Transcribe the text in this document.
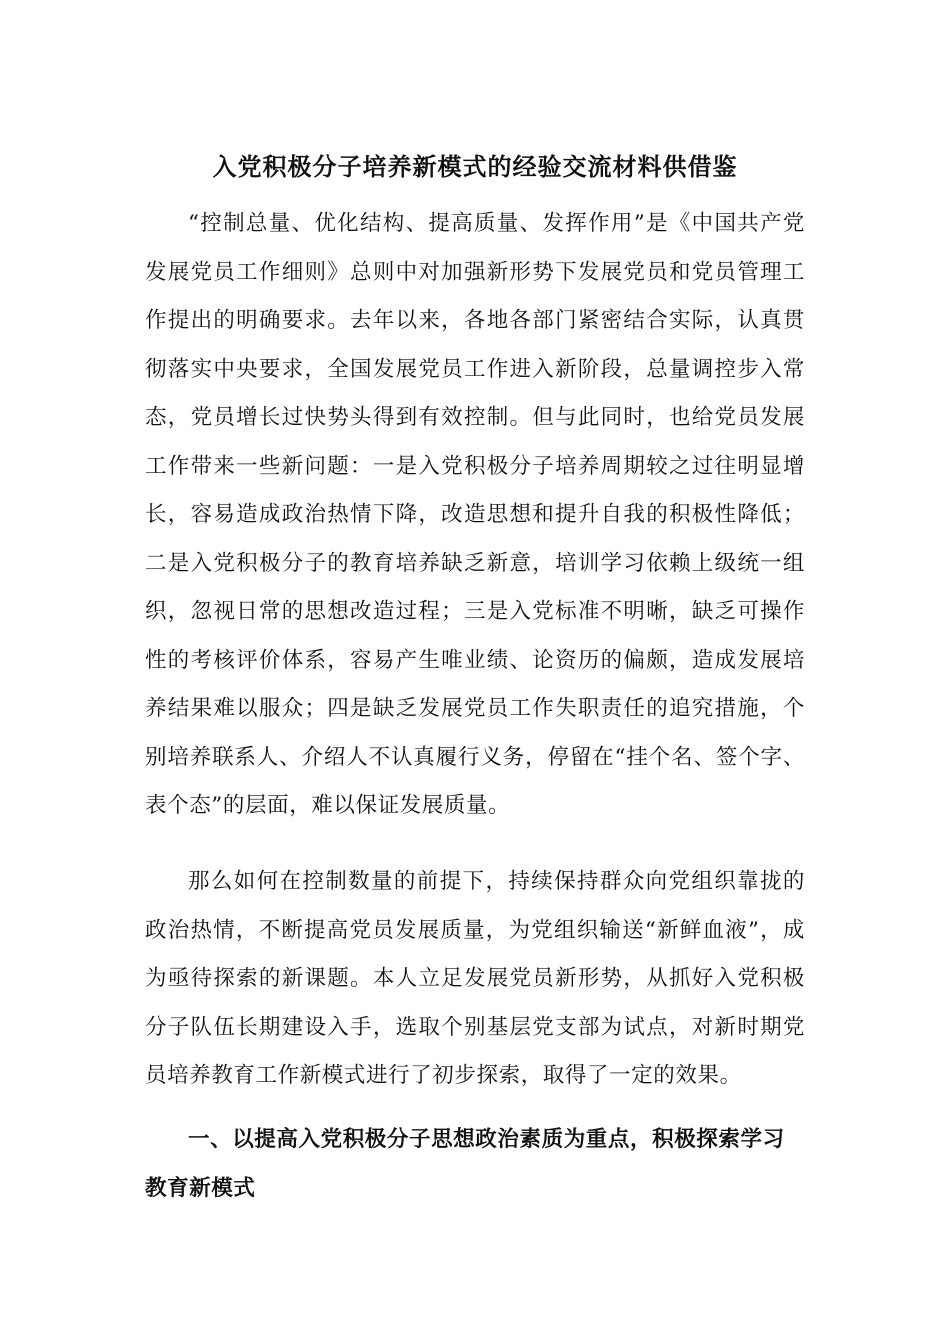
入党积极分子培养新模式的经验交流材料供借鉴

“控制总量、优化结构、提高质量、发挥作用”是《中国共产党发展党员工作细则》总则中对加强新形势下发展党员和党员管理工作提出的明确要求。去年以来，各地各部门紧密结合实际，认真贯彻落实中央要求，全国发展党员工作进入新阶段，总量调控步入常态，党员增长过快势头得到有效控制。但与此同时，也给党员发展工作带来一些新问题：一是入党积极分子培养周期较之过往明显增长，容易造成政治热情下降，改造思想和提升自我的积极性降低；二是入党积极分子的教育培养缺乏新意，培训学习依赖上级统一组织，忽视日常的思想改造过程；三是入党标准不明晰，缺乏可操作性的考核评价体系，容易产生唯业绩、论资历的偏颇，造成发展培养结果难以服众；四是缺乏发展党员工作失职责任的追究措施，个别培养联系人、介绍人不认真履行义务，停留在“挂个名、签个字、表个态”的层面，难以保证发展质量。

那么如何在控制数量的前提下，持续保持群众向党组织靠拢的政治热情，不断提高党员发展质量，为党组织输送“新鲜血液”，成为亟待探索的新课题。本人立足发展党员新形势，从抓好入党积极分子队伍长期建设入手，选取个别基层党支部为试点，对新时期党员培养教育工作新模式进行了初步探索，取得了一定的效果。

一、以提高入党积极分子思想政治素质为重点，积极探索学习教育新模式
